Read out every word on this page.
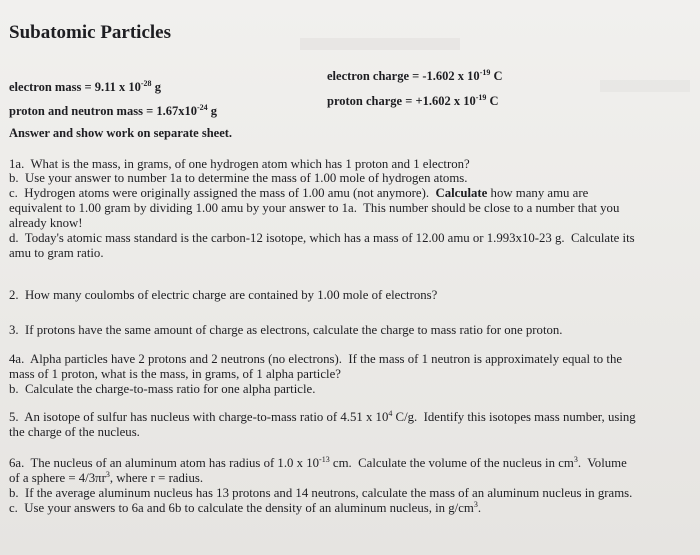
Subatomic Particles
electron mass = 9.11 x $10^{-28}$ g
electron charge = -1.602 x $10^{-19}$ C
proton and neutron mass = $1.67x10^{-24}$ g
proton charge = +1.602 x $10^{-19}$ C
Answer and show work on separate sheet.
1a.  What is the mass, in grams, of one hydrogen atom which has 1 proton and 1 electron?
b.  Use your answer to number 1a to determine the mass of 1.00 mole of hydrogen atoms.
c.  Hydrogen atoms were originally assigned the mass of 1.00 amu (not anymore).  Calculate how many amu are
equivalent to 1.00 gram by dividing 1.00 amu by your answer to 1a.  This number should be close to a number that you
already know!
d.  Today's atomic mass standard is the carbon-12 isotope, which has a mass of 12.00 amu or 1.993x10-23 g.  Calculate its
amu to gram ratio.
2.  How many coulombs of electric charge are contained by 1.00 mole of electrons?
3.  If protons have the same amount of charge as electrons, calculate the charge to mass ratio for one proton.
4a.  Alpha particles have 2 protons and 2 neutrons (no electrons).  If the mass of 1 neutron is approximately equal to the
mass of 1 proton, what is the mass, in grams, of 1 alpha particle?
b.  Calculate the charge-to-mass ratio for one alpha particle.
5.  An isotope of sulfur has nucleus with charge-to-mass ratio of 4.51 x $10^4$ C/g.  Identify this isotopes mass number, using
the charge of the nucleus.
6a.  The nucleus of an aluminum atom has radius of 1.0 x $10^{-13}$ cm.  Calculate the volume of the nucleus in $cm^3$.  Volume
of a sphere = $4/3\pi r^3$, where r = radius.
b.  If the average aluminum nucleus has 13 protons and 14 neutrons, calculate the mass of an aluminum nucleus in grams.
c.  Use your answers to 6a and 6b to calculate the density of an aluminum nucleus, in $g/cm^3$.
